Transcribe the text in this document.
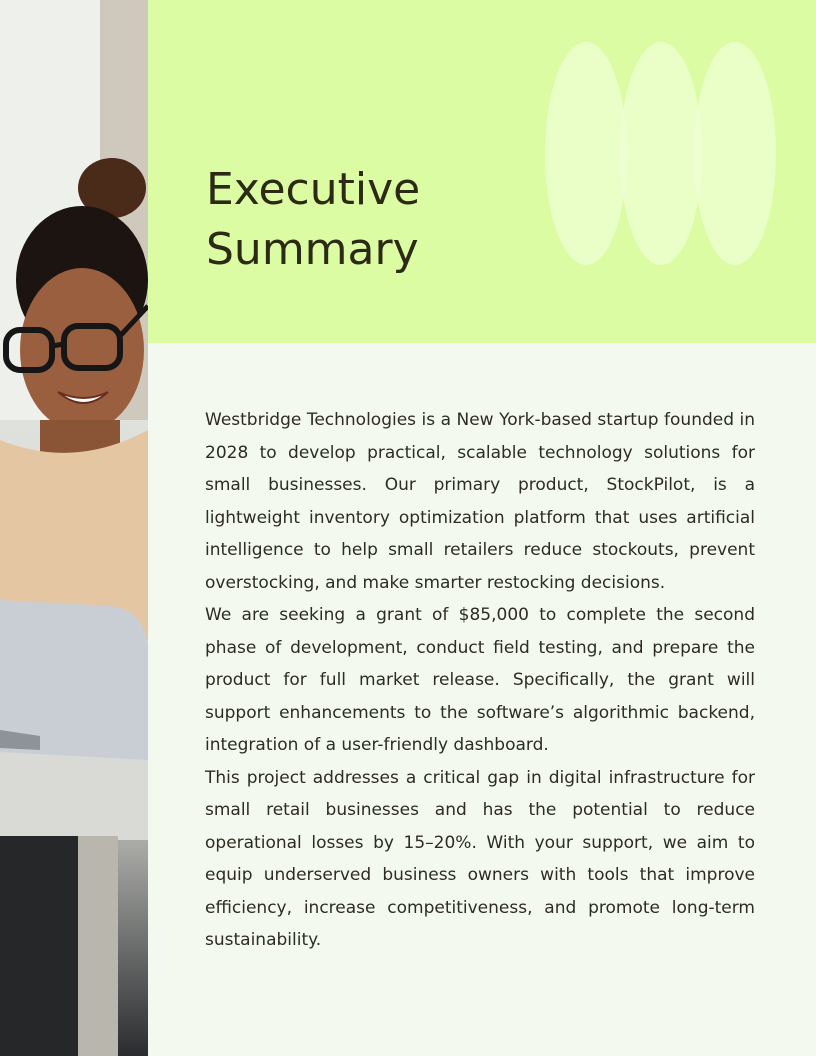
Executive Summary

Westbridge Technologies is a New York-based startup founded in 2028 to develop practical, scalable technology solutions for small businesses. Our primary product, StockPilot, is a lightweight inventory optimization platform that uses artificial intelligence to help small retailers reduce stockouts, prevent overstocking, and make smarter restocking decisions.

We are seeking a grant of $85,000 to complete the second phase of development, conduct field testing, and prepare the product for full market release. Specifically, the grant will support enhancements to the software’s algorithmic backend, integration of a user-friendly dashboard.

This project addresses a critical gap in digital infrastructure for small retail businesses and has the potential to reduce operational losses by 15–20%. With your support, we aim to equip underserved business owners with tools that improve efficiency, increase competitiveness, and promote long-term sustainability.
